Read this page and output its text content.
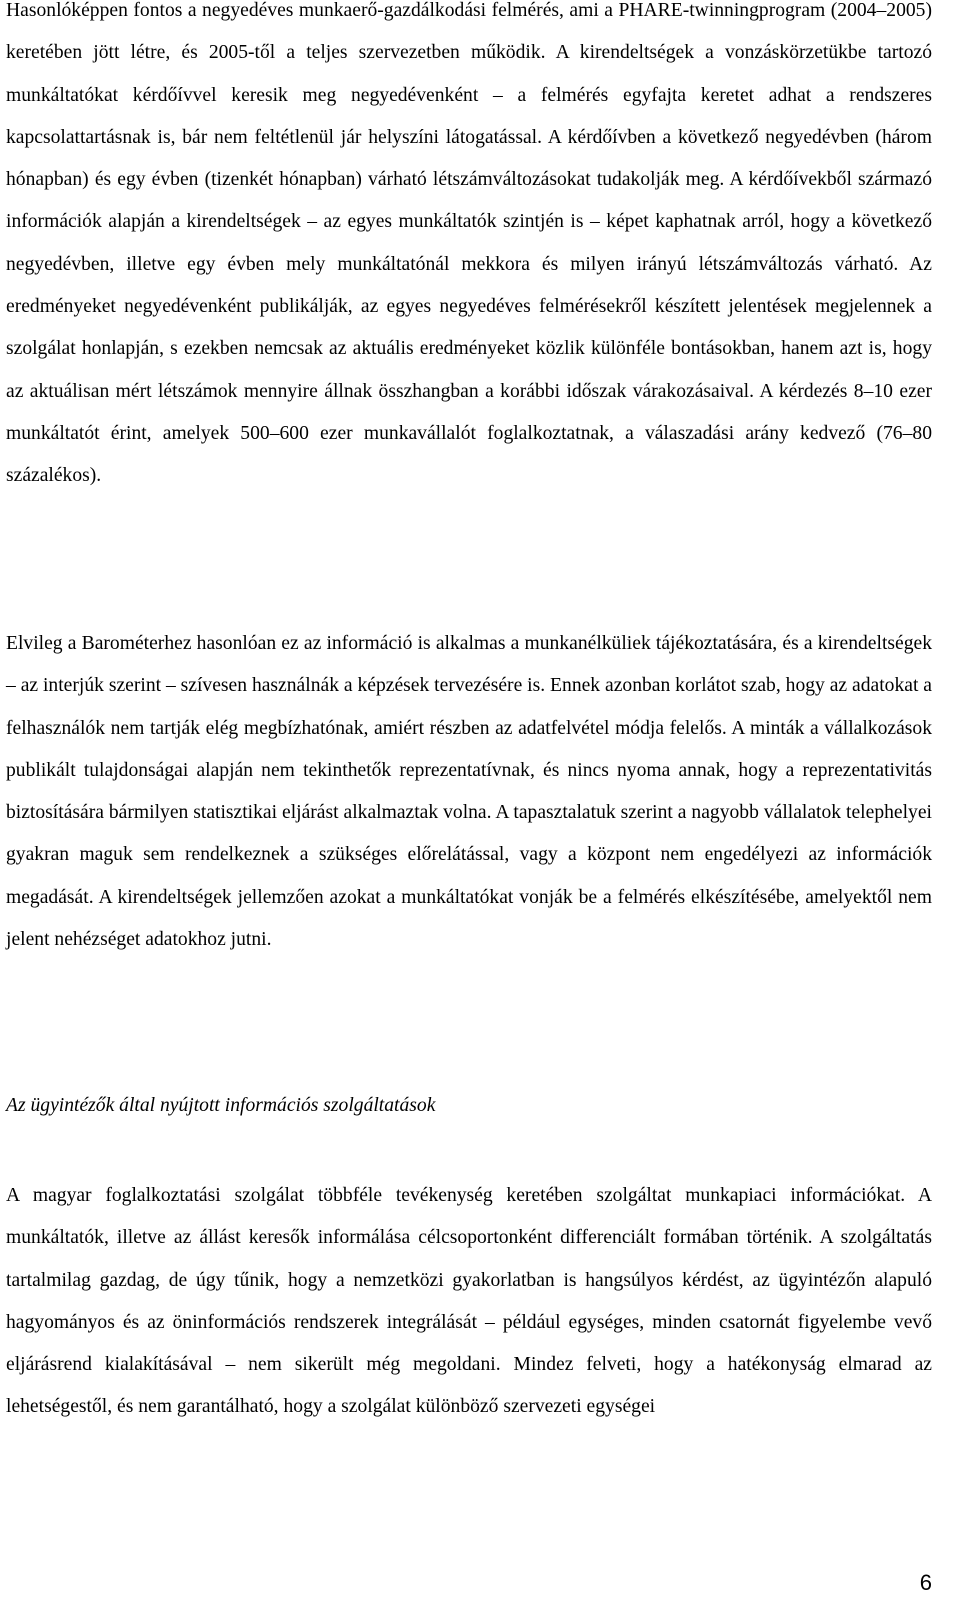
Hasonlóképpen fontos a negyedéves munkaerő-gazdálkodási felmérés, ami a PHARE-twinningprogram (2004–2005) keretében jött létre, és 2005-től a teljes szervezetben működik. A kirendeltségek a vonzáskörzetükbe tartozó munkáltatókat kérdőívvel keresik meg negyedévenként – a felmérés egyfajta keretet adhat a rendszeres kapcsolattartásnak is, bár nem feltétlenül jár helyszíni látogatással. A kérdőívben a következő negyedévben (három hónapban) és egy évben (tizenkét hónapban) várható létszámváltozásokat tudakolják meg. A kérdőívekből származó információk alapján a kirendeltségek – az egyes munkáltatók szintjén is – képet kaphatnak arról, hogy a következő negyedévben, illetve egy évben mely munkáltatónál mekkora és milyen irányú létszámváltozás várható. Az eredményeket negyedévenként publikálják, az egyes negyedéves felmérésekről készített jelentések megjelennek a szolgálat honlapján, s ezekben nemcsak az aktuális eredményeket közlik különféle bontásokban, hanem azt is, hogy az aktuálisan mért létszámok mennyire állnak összhangban a korábbi időszak várakozásaival. A kérdezés 8–10 ezer munkáltatót érint, amelyek 500–600 ezer munkavállalót foglalkoztatnak, a válaszadási arány kedvező (76–80 százalékos).

Elvileg a Barométerhez hasonlóan ez az információ is alkalmas a munkanélküliek tájékoztatására, és a kirendeltségek – az interjúk szerint – szívesen használnák a képzések tervezésére is. Ennek azonban korlátot szab, hogy az adatokat a felhasználók nem tartják elég megbízhatónak, amiért részben az adatfelvétel módja felelős. A minták a vállalkozások publikált tulajdonságai alapján nem tekinthetők reprezentatívnak, és nincs nyoma annak, hogy a reprezentativitás biztosítására bármilyen statisztikai eljárást alkalmaztak volna. A tapasztalatuk szerint a nagyobb vállalatok telephelyei gyakran maguk sem rendelkeznek a szükséges előrelátással, vagy a központ nem engedélyezi az információk megadását. A kirendeltségek jellemzően azokat a munkáltatókat vonják be a felmérés elkészítésébe, amelyektől nem jelent nehézséget adatokhoz jutni.

Az ügyintézők által nyújtott információs szolgáltatások

A magyar foglalkoztatási szolgálat többféle tevékenység keretében szolgáltat munkapiaci információkat. A munkáltatók, illetve az állást keresők informálása célcsoportonként differenciált formában történik. A szolgáltatás tartalmilag gazdag, de úgy tűnik, hogy a nemzetközi gyakorlatban is hangsúlyos kérdést, az ügyintézőn alapuló hagyományos és az öninformációs rendszerek integrálását – például egységes, minden csatornát figyelembe vevő eljárásrend kialakításával – nem sikerült még megoldani. Mindez felveti, hogy a hatékonyság elmarad az lehetségestől, és nem garantálható, hogy a szolgálat különböző szervezeti egységei

6
